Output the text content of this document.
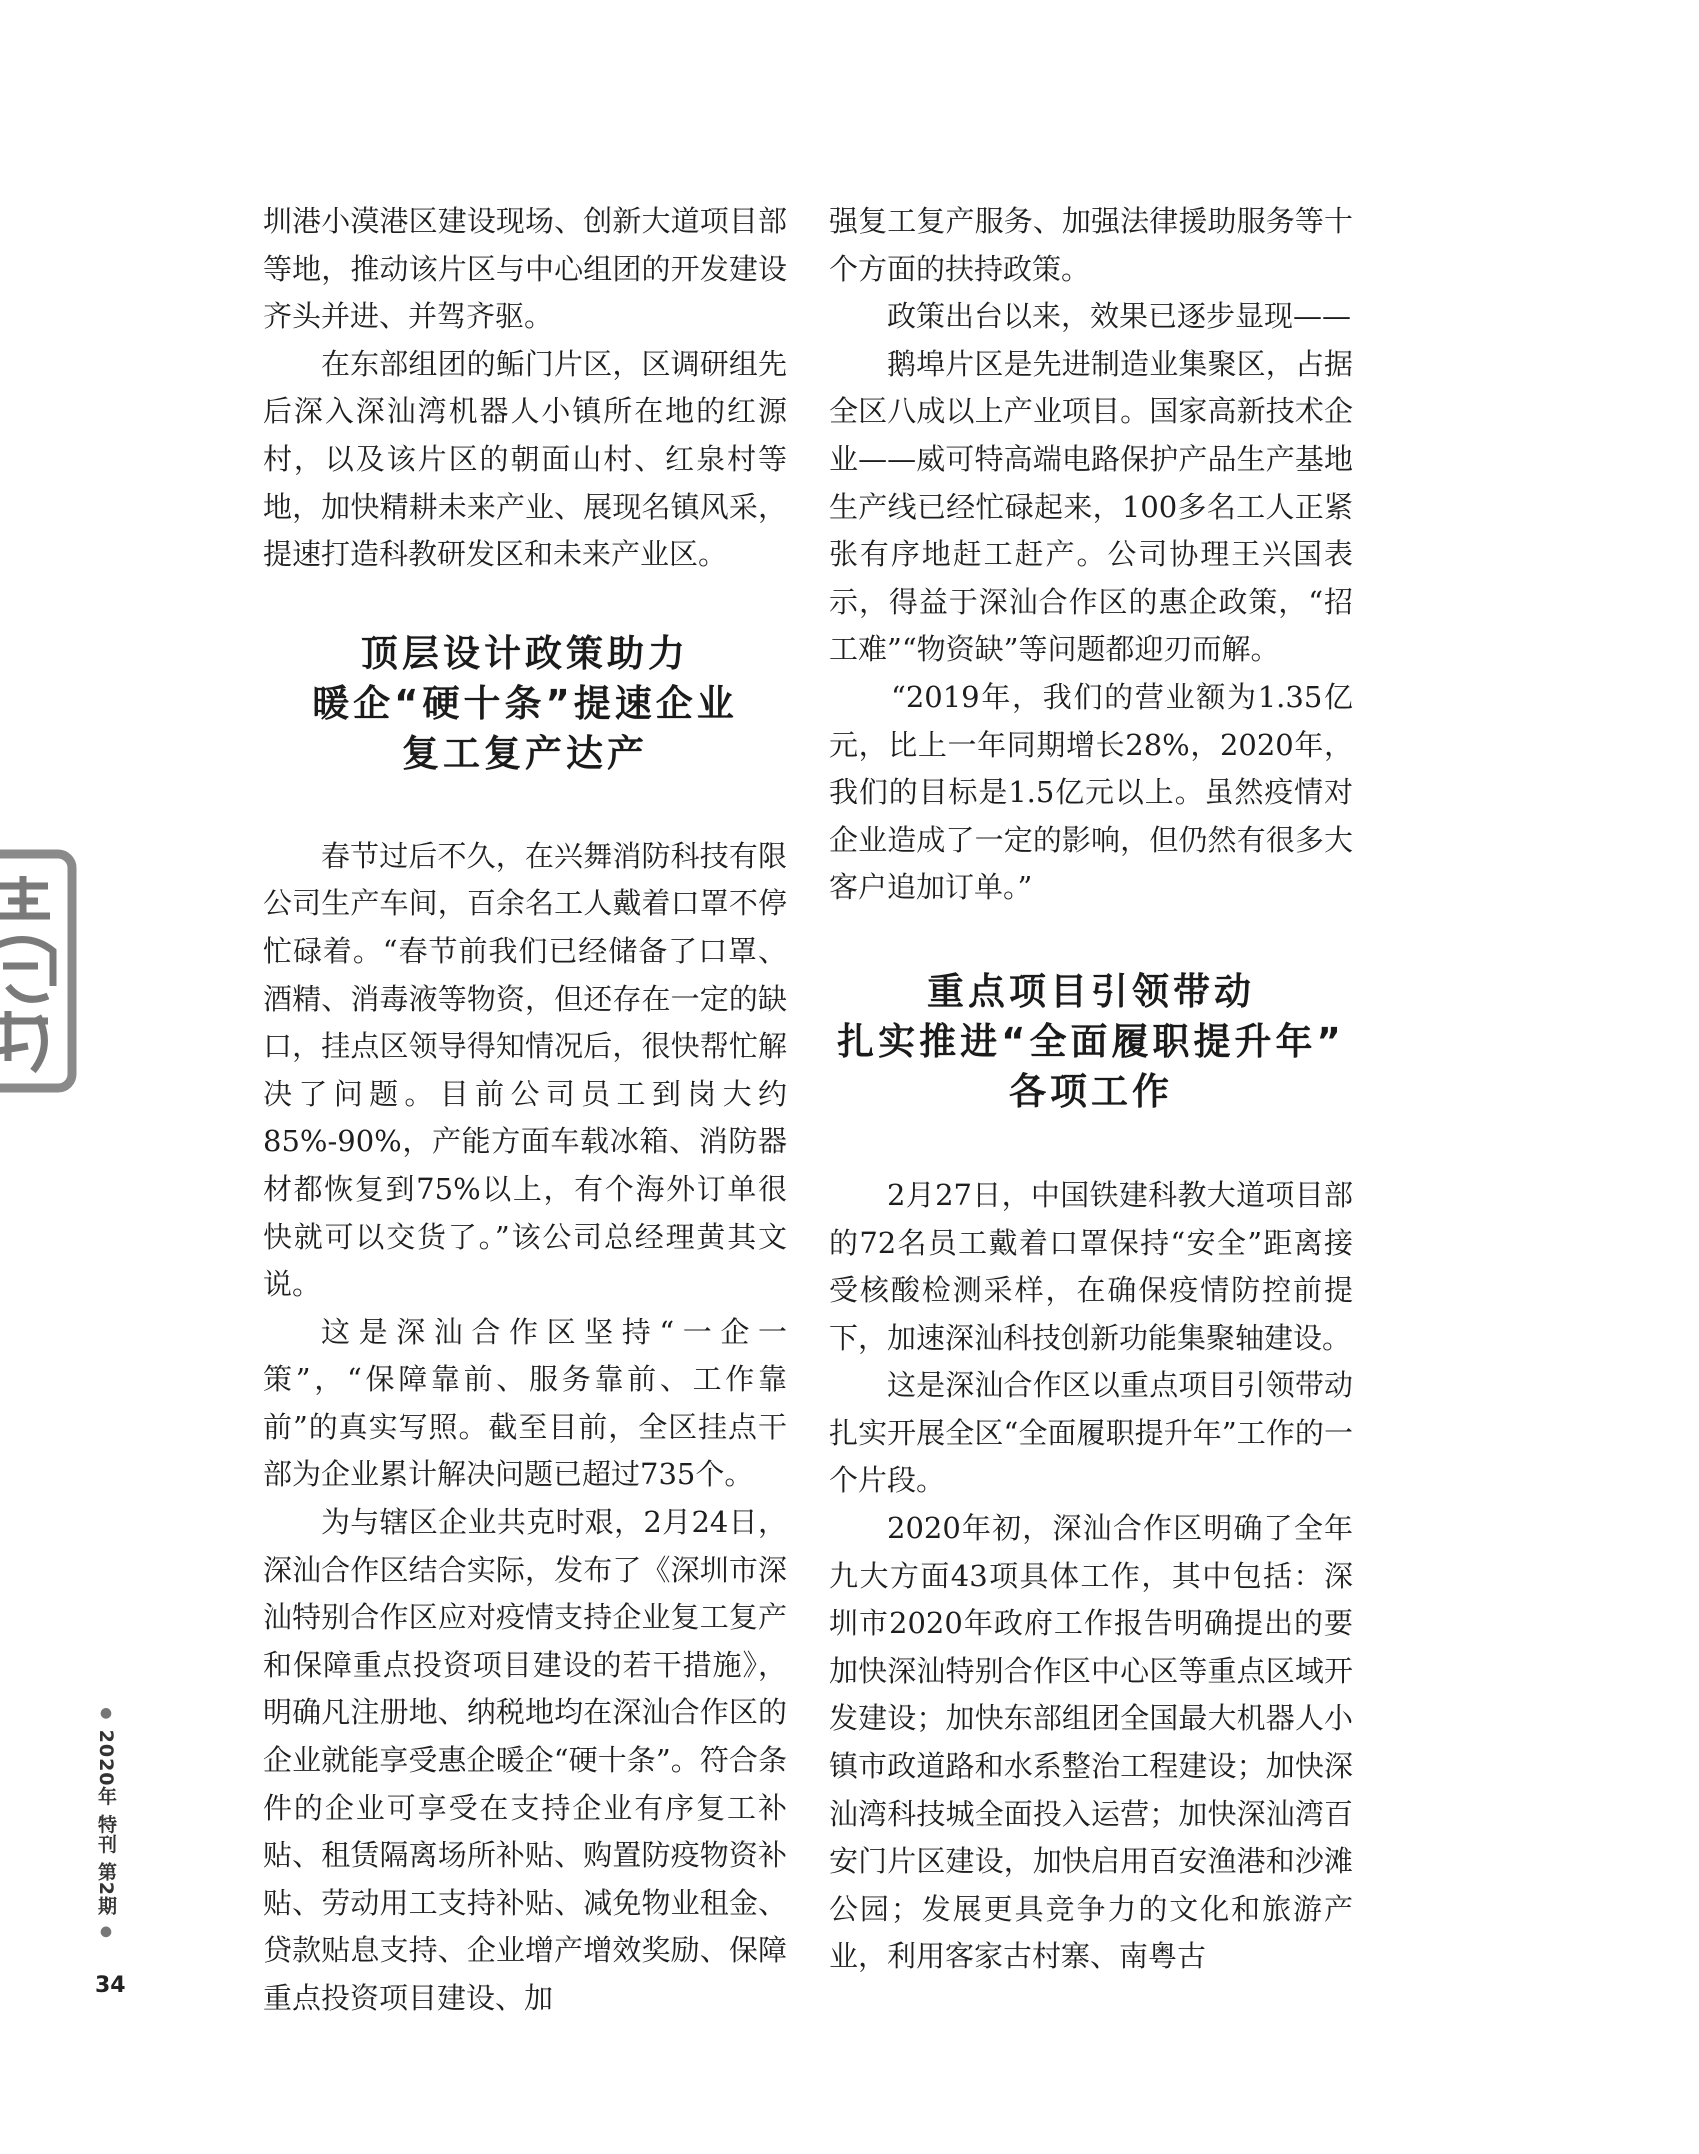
圳港小漠港区建设现场、创新大道项目部等地，推动该片区与中心组团的开发建设齐头并进、并驾齐驱。

在东部组团的鲘门片区，区调研组先后深入深汕湾机器人小镇所在地的红源村，以及该片区的朝面山村、红泉村等地，加快精耕未来产业、展现名镇风采，提速打造科教研发区和未来产业区。

顶层设计政策助力
暖企“硬十条”提速企业
复工复产达产

春节过后不久，在兴舞消防科技有限公司生产车间，百余名工人戴着口罩不停忙碌着。“春节前我们已经储备了口罩、酒精、消毒液等物资，但还存在一定的缺口，挂点区领导得知情况后，很快帮忙解决了问题。目前公司员工到岗大约85%-90%，产能方面车载冰箱、消防器材都恢复到75%以上，有个海外订单很快就可以交货了。”该公司总经理黄其文说。

这是深汕合作区坚持“一企一策”，“保障靠前、服务靠前、工作靠前”的真实写照。截至目前，全区挂点干部为企业累计解决问题已超过735个。

为与辖区企业共克时艰，2月24日，深汕合作区结合实际，发布了《深圳市深汕特别合作区应对疫情支持企业复工复产和保障重点投资项目建设的若干措施》，明确凡注册地、纳税地均在深汕合作区的企业就能享受惠企暖企“硬十条”。符合条件的企业可享受在支持企业有序复工补贴、租赁隔离场所补贴、购置防疫物资补贴、劳动用工支持补贴、减免物业租金、贷款贴息支持、企业增产增效奖励、保障重点投资项目建设、加

强复工复产服务、加强法律援助服务等十个方面的扶持政策。

政策出台以来，效果已逐步显现——

鹅埠片区是先进制造业集聚区，占据全区八成以上产业项目。国家高新技术企业——威可特高端电路保护产品生产基地生产线已经忙碌起来，100多名工人正紧张有序地赶工赶产。公司协理王兴国表示，得益于深汕合作区的惠企政策，“招工难”“物资缺”等问题都迎刃而解。

“2019年，我们的营业额为1.35亿元，比上一年同期增长28%，2020年，我们的目标是1.5亿元以上。虽然疫情对企业造成了一定的影响，但仍然有很多大客户追加订单。”

重点项目引领带动
扎实推进“全面履职提升年”
各项工作

2月27日，中国铁建科教大道项目部的72名员工戴着口罩保持“安全”距离接受核酸检测采样，在确保疫情防控前提下，加速深汕科技创新功能集聚轴建设。

这是深汕合作区以重点项目引领带动扎实开展全区“全面履职提升年”工作的一个片段。

2020年初，深汕合作区明确了全年九大方面43项具体工作，其中包括：深圳市2020年政府工作报告明确提出的要加快深汕特别合作区中心区等重点区域开发建设；加快东部组团全国最大机器人小镇市政道路和水系整治工程建设；加快深汕湾科技城全面投入运营；加快深汕湾百安门片区建设，加快启用百安渔港和沙滩公园；发展更具竞争力的文化和旅游产业，利用客家古村寨、南粤古

● 2020年 特刊 第2期 ●
34
